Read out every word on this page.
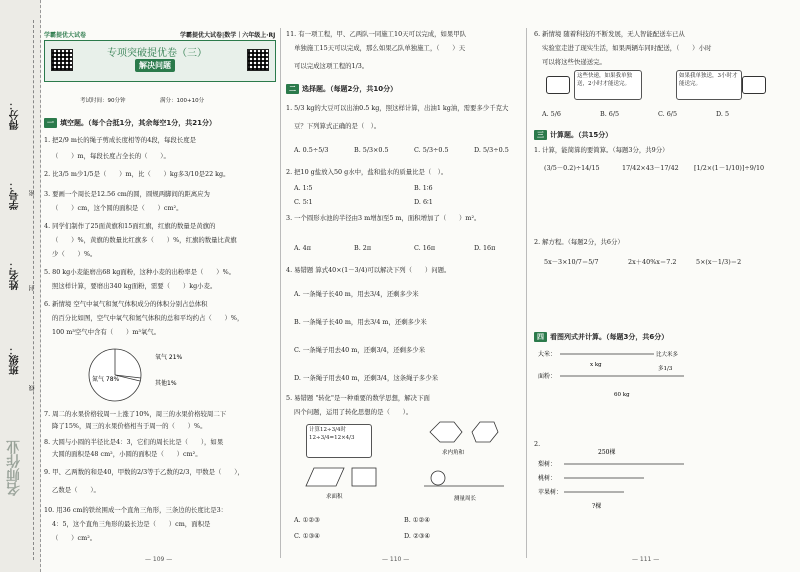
得分：
学号：
姓名：
班级：
密
封
线
名师作业
专项突破提优卷（三）
解决问题
学霸提优大试卷	学霸提优大试卷|数学｜六年级上·RJ
考试时间：90分钟	满分：100+10分
一 填空题。（每个合抵1分，其余每空1分，共21分）
1. 把2/9 m长的绳子剪成长度相等的4段，每段长度是
（　　）m，每段长度占全长的（　　）。
2. 比3/5 m少1/5是（　　）m，比（　　）kg多3/10是22 kg。
3. 要画一个周长是12.56 cm的圆，圆规两脚间的距离应为
（　　）cm，这个圆的面积是（　　）cm²。
4. 同学们制作了25面黄旗和15面红旗，红旗的数量是黄旗的
（　　）%，黄旗的数量比红旗多（　　）%，红旗的数量比黄旗
少（　　）%。
5. 80 kg小麦能磨出68 kg面粉，这种小麦的出粉率是（　　）%。
照这样计算，要磨出340 kg面粉，需要（　　）kg小麦。
6. 新情境 空气中氧气和氮气体积成分的体积分别占总体积
的百分比如图，空气中氧气和氮气体积的总和平均约占（　　）%，
100 m³空气中含有（　　）m³氧气。
氮气 78%
氧气 21%
其他1%
7. 周二的水果价格较周一上涨了10%，周三的水果价格较周二下
降了15%，周三的水果价格相当于周一的（　　）%。
8. 大圆与小圆的半径比是4：3，它们的周长比是（　　），如果
大圆的面积是48 cm²，小圆的面积是（　　）cm²。
9. 甲、乙两数的和是40，甲数的2/3等于乙数的2/3，甲数是（　　），
乙数是（　　）。
10. 用36 cm的铁丝围成一个直角三角形，三条边的长度比是3：
4：5，这个直角三角形的最长边是（　　）cm，面积是
（　　）cm²。
— 109 —
11. 有一项工程，甲、乙两队一同施工10天可以完成，如果甲队
单独施工15天可以完成，那么如果乙队单独施工，（　　）天
可以完成这项工程的1/3。
二 选择题。（每题2分，共10分）
1. 5/3 kg的大豆可以出油0.5 kg，照这样计算，出油1 kg油，需要多少千克大
豆？下列算式正确的是（　）。
A. 0.5÷5/3	B. 5/3×0.5	C. 5/3÷0.5	D. 5/3÷0.5
2. 把10 g盐放入50 g水中，盐和盐水的质量比是（　）。
A. 1∶5	B. 1∶6
C. 5∶1	D. 6∶1
3. 一个圆形水池的半径由3 m增加至5 m，面积增加了（　　）m²。
A. 4π	B. 2π	C. 16π	D. 16π
4. 易错题 算式40×(1－3/4)可以解决下列（　　）问题。
A. 一条绳子长40 m，用去3/4，还剩多少米
B. 一条绳子长40 m，用去3/4 m，还剩多少米
C. 一条绳子用去40 m，还剩3/4，还剩多少米
D. 一条绳子用去40 m，还剩3/4，这条绳子多少米
5. 易错题 "转化"是一种重要的数学思想，解决下面
四个问题，运用了转化思想的是（　　）。
计算12÷3/4时
12÷3/4=12×4/3
求内角和
求面积	测量周长
A. ①②③	B. ①②④
C. ①③④	D. ②③④
— 110 —
6. 新情境 随着科技的不断发展，无人智能配送车已从
实验室走进了现实生活，如果两辆车同时配送，（　　）小时
可以将这些快递送完。
这些快递，如果我单独送，2小时才能送完。
如果我单独送，3小时才能送完。
A. 5/6	B. 6/5	C. 6/5	D. 5
三 计算题。（共15分）
1. 计算，能简算的要简算。（每题3分，共9分）
(3/5－0.2)÷14/15	17/42×43－17/42 [1/2×(1－1/10)]÷9/10
2. 解方程。（每题2分，共6分）
5x－3×10/7＝5/7	2x＋40%x＝7.2	5×(x－1/3)＝2
四 看图列式并计算。（每题3分，共6分）
大米：	比大米多
x kg
面粉：
多1/3
60 kg
2.
250棵
梨树：
桃树：
苹果树：
?棵
— 111 —
